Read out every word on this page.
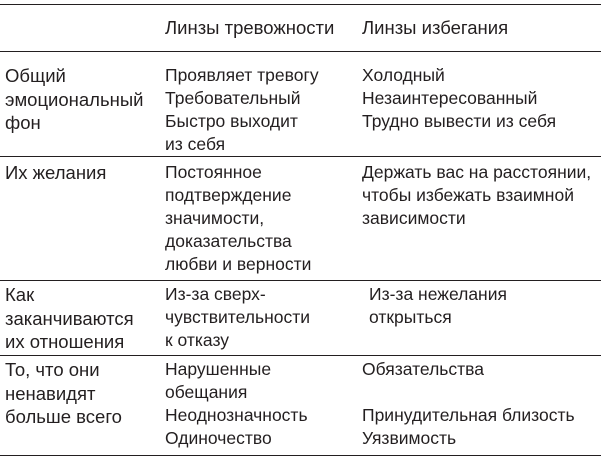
Линзы тревожности Линзы избегания
Общий
эмоциональный
фон
Проявляет тревогу
Требовательный
Быстро выходит
из себя
Холодный
Незаинтересованный
Трудно вывести из себя
Их желания	Постоянное
подтверждение
значимости,
доказательства
любви и верности
Держать вас на расстоянии,
чтобы избежать взаимной
зависимости
Как
заканчиваются
их отношения
Из-за сверх-
чувствительности
к отказу
Из-за нежелания
открыться
То, что они
ненавидят
больше всего
Нарушенные
обещания
Неоднозначность
Одиночество
Обязательства

Принудительная близость
Уязвимость
